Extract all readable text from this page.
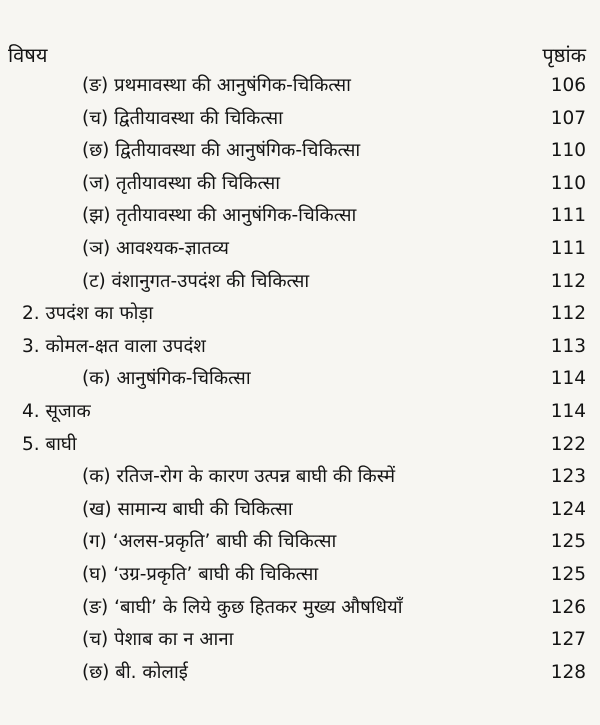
विषय	पृष्ठांक
(ङ) प्रथमावस्था की आनुषंगिक-चिकित्सा	106
(च) द्वितीयावस्था की चिकित्सा	107
(छ) द्वितीयावस्था की आनुषंगिक-चिकित्सा	110
(ज) तृतीयावस्था की चिकित्सा	110
(झ) तृतीयावस्था की आनुषंगिक-चिकित्सा	111
(ञ) आवश्यक-ज्ञातव्य	111
(ट) वंशानुगत-उपदंश की चिकित्सा	112
2. उपदंश का फोड़ा	112
3. कोमल-क्षत वाला उपदंश	113
(क) आनुषंगिक-चिकित्सा	114
4. सूजाक	114
5. बाघी	122
(क) रतिज-रोग के कारण उत्पन्न बाघी की किस्में	123
(ख) सामान्य बाघी की चिकित्सा	124
(ग) ‘अलस-प्रकृति’ बाघी की चिकित्सा	125
(घ) ‘उग्र-प्रकृति’ बाघी की चिकित्सा	125
(ङ) ‘बाघी’ के लिये कुछ हितकर मुख्य औषधियाँ	126
(च) पेशाब का न आना	127
(छ) बी. कोलाई	128
